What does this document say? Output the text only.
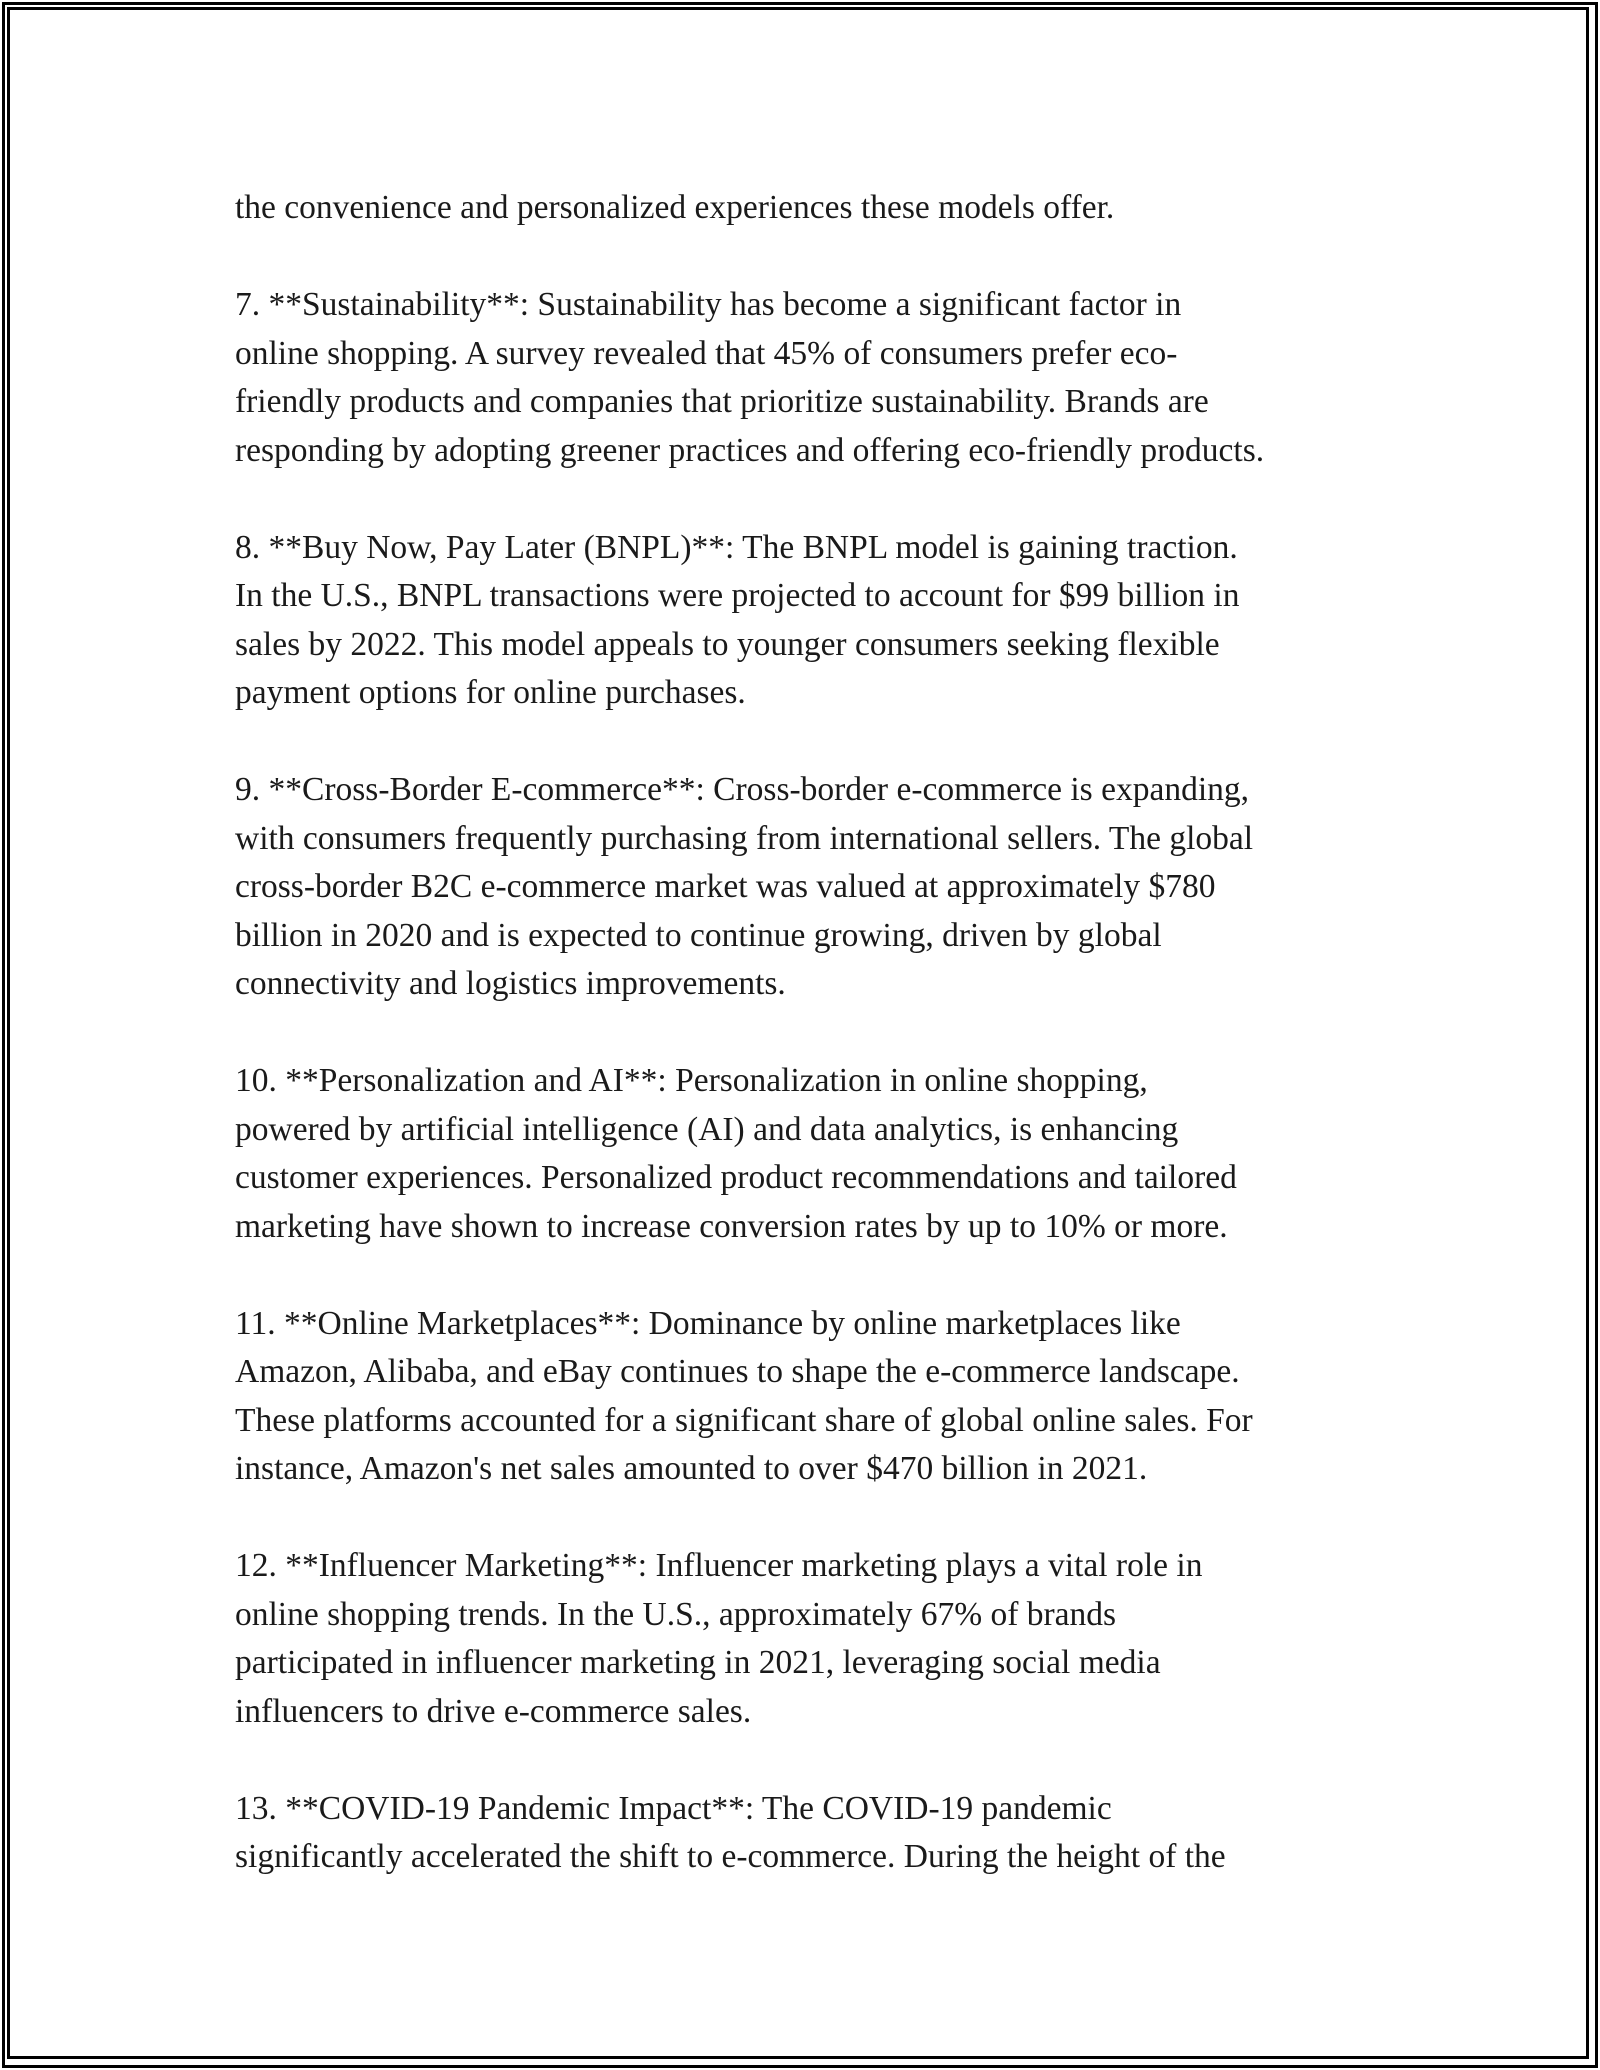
the convenience and personalized experiences these models offer.

7. **Sustainability**: Sustainability has become a significant factor in
online shopping. A survey revealed that 45% of consumers prefer eco-
friendly products and companies that prioritize sustainability. Brands are
responding by adopting greener practices and offering eco-friendly products.

8. **Buy Now, Pay Later (BNPL)**: The BNPL model is gaining traction.
In the U.S., BNPL transactions were projected to account for $99 billion in
sales by 2022. This model appeals to younger consumers seeking flexible
payment options for online purchases.

9. **Cross-Border E-commerce**: Cross-border e-commerce is expanding,
with consumers frequently purchasing from international sellers. The global
cross-border B2C e-commerce market was valued at approximately $780
billion in 2020 and is expected to continue growing, driven by global
connectivity and logistics improvements.

10. **Personalization and AI**: Personalization in online shopping,
powered by artificial intelligence (AI) and data analytics, is enhancing
customer experiences. Personalized product recommendations and tailored
marketing have shown to increase conversion rates by up to 10% or more.

11. **Online Marketplaces**: Dominance by online marketplaces like
Amazon, Alibaba, and eBay continues to shape the e-commerce landscape.
These platforms accounted for a significant share of global online sales. For
instance, Amazon's net sales amounted to over $470 billion in 2021.

12. **Influencer Marketing**: Influencer marketing plays a vital role in
online shopping trends. In the U.S., approximately 67% of brands
participated in influencer marketing in 2021, leveraging social media
influencers to drive e-commerce sales.

13. **COVID-19 Pandemic Impact**: The COVID-19 pandemic
significantly accelerated the shift to e-commerce. During the height of the
